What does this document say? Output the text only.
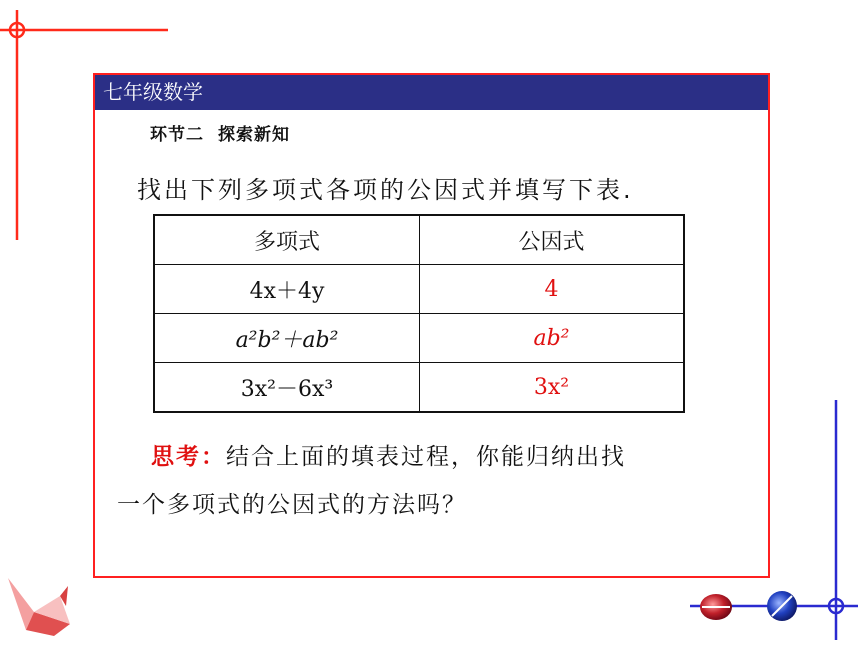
七年级数学
环节二 探索新知
找出下列多项式各项的公因式并填写下表.
多项式	公因式
4x＋4y	4
a²b²＋ab²	ab²
3x²－6x³	3x²
思考：结合上面的填表过程，你能归纳出找
一个多项式的公因式的方法吗？
